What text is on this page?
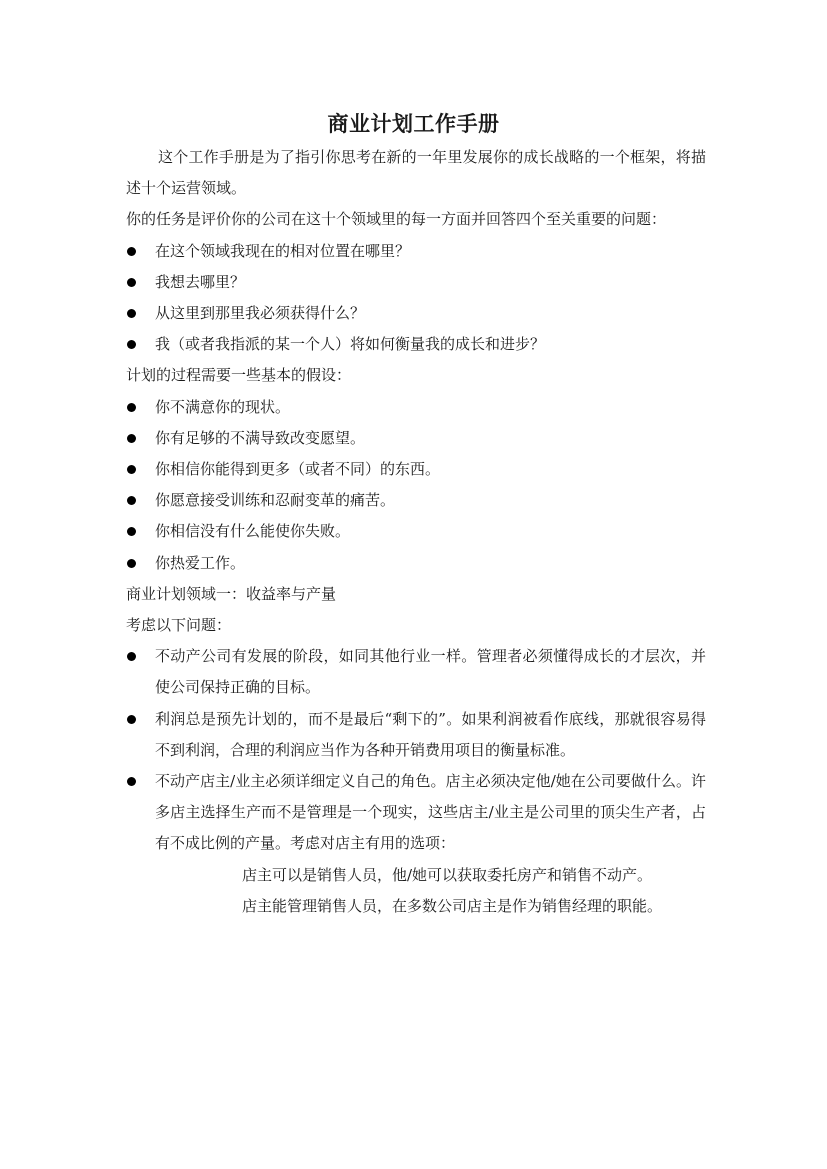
商业计划工作手册

这个工作手册是为了指引你思考在新的一年里发展你的成长战略的一个框架，将描述十个运营领域。

你的任务是评价你的公司在这十个领域里的每一方面并回答四个至关重要的问题：

在这个领域我现在的相对位置在哪里？
我想去哪里？
从这里到那里我必须获得什么？
我（或者我指派的某一个人）将如何衡量我的成长和进步？

计划的过程需要一些基本的假设：

你不满意你的现状。
你有足够的不满导致改变愿望。
你相信你能得到更多（或者不同）的东西。
你愿意接受训练和忍耐变革的痛苦。
你相信没有什么能使你失败。
你热爱工作。

商业计划领域一：收益率与产量

考虑以下问题：

不动产公司有发展的阶段，如同其他行业一样。管理者必须懂得成长的才层次，并使公司保持正确的目标。
利润总是预先计划的，而不是最后“剩下的”。如果利润被看作底线，那就很容易得不到利润，合理的利润应当作为各种开销费用项目的衡量标准。
不动产店主/业主必须详细定义自己的角色。店主必须决定他/她在公司要做什么。许多店主选择生产而不是管理是一个现实，这些店主/业主是公司里的顶尖生产者，占有不成比例的产量。考虑对店主有用的选项：

店主可以是销售人员，他/她可以获取委托房产和销售不动产。

店主能管理销售人员，在多数公司店主是作为销售经理的职能。
